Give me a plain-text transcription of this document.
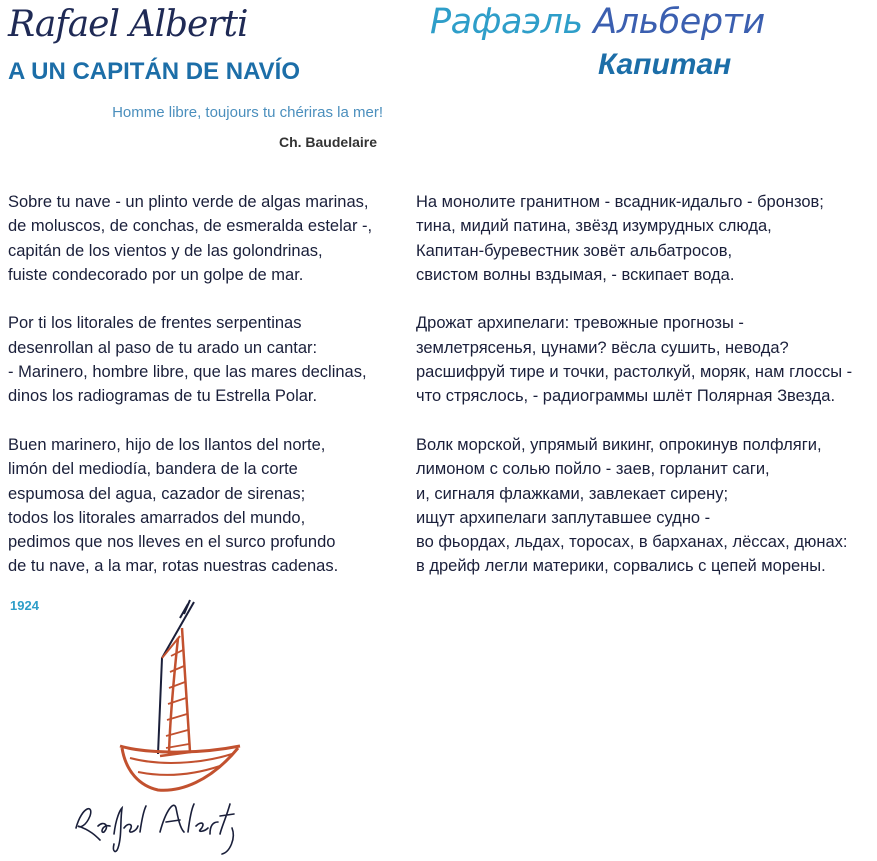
Rafael Alberti	Рафаэль Альберти
A UN CAPITÁN DE NAVÍO	Капитан
Homme libre, toujours tu chériras la mer!
Ch. Baudelaire
Sobre tu nave - un plinto verde de algas marinas,
de moluscos, de conchas, de esmeralda estelar -,
capitán de los vientos y de las golondrinas,
fuiste condecorado por un golpe de mar.
Por ti los litorales de frentes serpentinas
desenrollan al paso de tu arado un cantar:
- Marinero, hombre libre, que las mares declinas,
dinos los radiogramas de tu Estrella Polar.
Buen marinero, hijo de los llantos del norte,
limón del mediodía, bandera de la corte
espumosa del agua, cazador de sirenas;
todos los litorales amarrados del mundo,
pedimos que nos lleves en el surco profundo
de tu nave, a la mar, rotas nuestras cadenas.
На монолите гранитном - всадник-идальго - бронзов;
тина, мидий патина, звёзд изумрудных слюда,
Капитан-буревестник зовёт альбатросов,
свистом волны вздымая, - вскипает вода.
Дрожат архипелаги: тревожные прогнозы -
землетрясенья, цунами? вёсла сушить, невода?
расшифруй тире и точки, растолкуй, моряк, нам глоссы -
что стряслось, - радиограммы шлёт Полярная Звезда.
Волк морской, упрямый викинг, опрокинув полфляги,
лимоном с солью пойло - заев, горланит саги,
и, сигналя флажками, завлекает сирену;
ищут архипелаги заплутавшее судно -
во фьордах, льдах, торосах, в барханах, лёссах, дюнах:
в дрейф легли материки, сорвались с цепей морены.
1924
